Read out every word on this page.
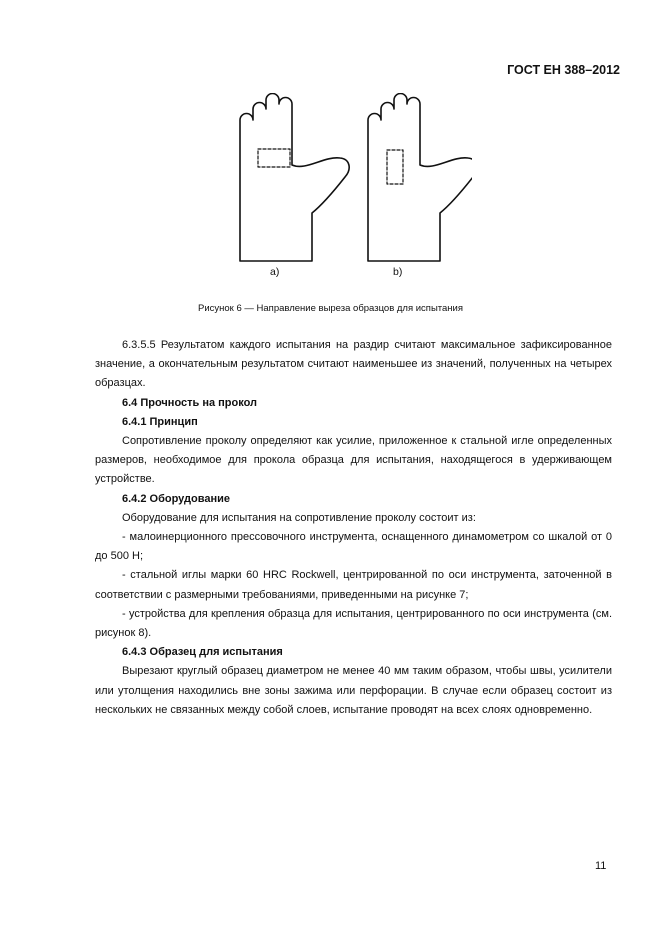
ГОСТ ЕН 388–2012
a)	b)
Рисунок 6 — Направление выреза образцов для испытания

6.3.5.5 Результатом каждого испытания на раздир считают максимальное зафиксированное значение, а окончательным результатом считают наименьшее из значений, полученных на четырех образцах.

6.4 Прочность на прокол

6.4.1 Принцип

Сопротивление проколу определяют как усилие, приложенное к стальной игле определенных размеров, необходимое для прокола образца для испытания, находящегося в удерживающем устройстве.

6.4.2 Оборудование

Оборудование для испытания на сопротивление проколу состоит из:

- малоинерционного прессовочного инструмента, оснащенного динамометром со шкалой от 0 до 500 Н;

- стальной иглы марки 60 HRC Rockwell, центрированной по оси инструмента, заточенной в соответствии с размерными требованиями, приведенными на рисунке 7;

- устройства для крепления образца для испытания, центрированного по оси инструмента (см. рисунок 8).

6.4.3 Образец для испытания

Вырезают круглый образец диаметром не менее 40 мм таким образом, чтобы швы, усилители или утолщения находились вне зоны зажима или перфорации. В случае если образец состоит из нескольких не связанных между собой слоев, испытание проводят на всех слоях одновременно.

11
